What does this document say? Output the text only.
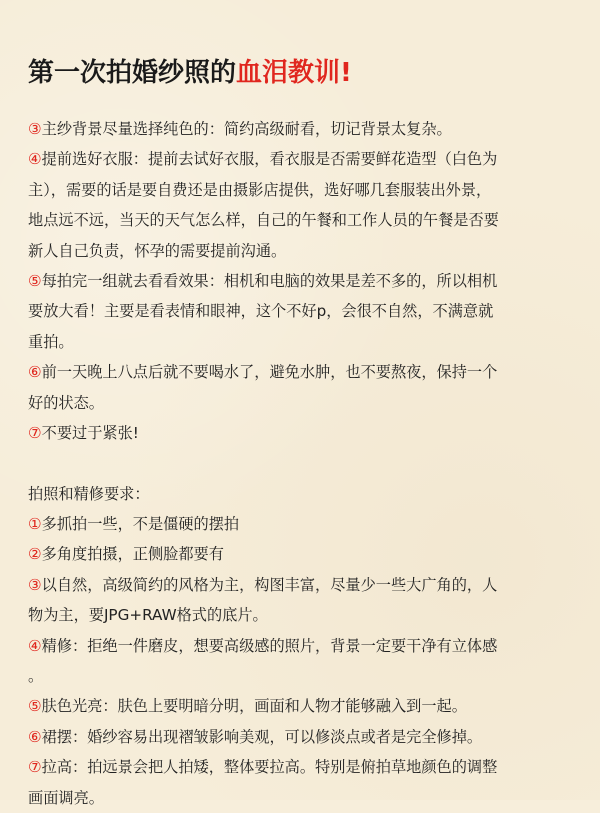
第一次拍婚纱照的血泪教训!
③主纱背景尽量选择纯色的：简约高级耐看，切记背景太复杂。
④提前选好衣服：提前去试好衣服，看衣服是否需要鲜花造型（白色为
主），需要的话是要自费还是由摄影店提供，选好哪几套服装出外景，
地点远不远，当天的天气怎么样，自己的午餐和工作人员的午餐是否要
新人自己负责，怀孕的需要提前沟通。
⑤每拍完一组就去看看效果：相机和电脑的效果是差不多的，所以相机
要放大看！主要是看表情和眼神，这个不好p，会很不自然，不满意就
重拍。
⑥前一天晚上八点后就不要喝水了，避免水肿，也不要熬夜，保持一个
好的状态。
⑦不要过于紧张!
拍照和精修要求：
①多抓拍一些，不是僵硬的摆拍
②多角度拍摄，正侧脸都要有
③以自然，高级简约的风格为主，构图丰富，尽量少一些大广角的，人
物为主，要JPG+RAW格式的底片。
④精修：拒绝一件磨皮，想要高级感的照片，背景一定要干净有立体感
。
⑤肤色光亮：肤色上要明暗分明，画面和人物才能够融入到一起。
⑥裙摆：婚纱容易出现褶皱影响美观，可以修淡点或者是完全修掉。
⑦拉高：拍远景会把人拍矮，整体要拉高。特别是俯拍草地颜色的调整
画面调亮。
